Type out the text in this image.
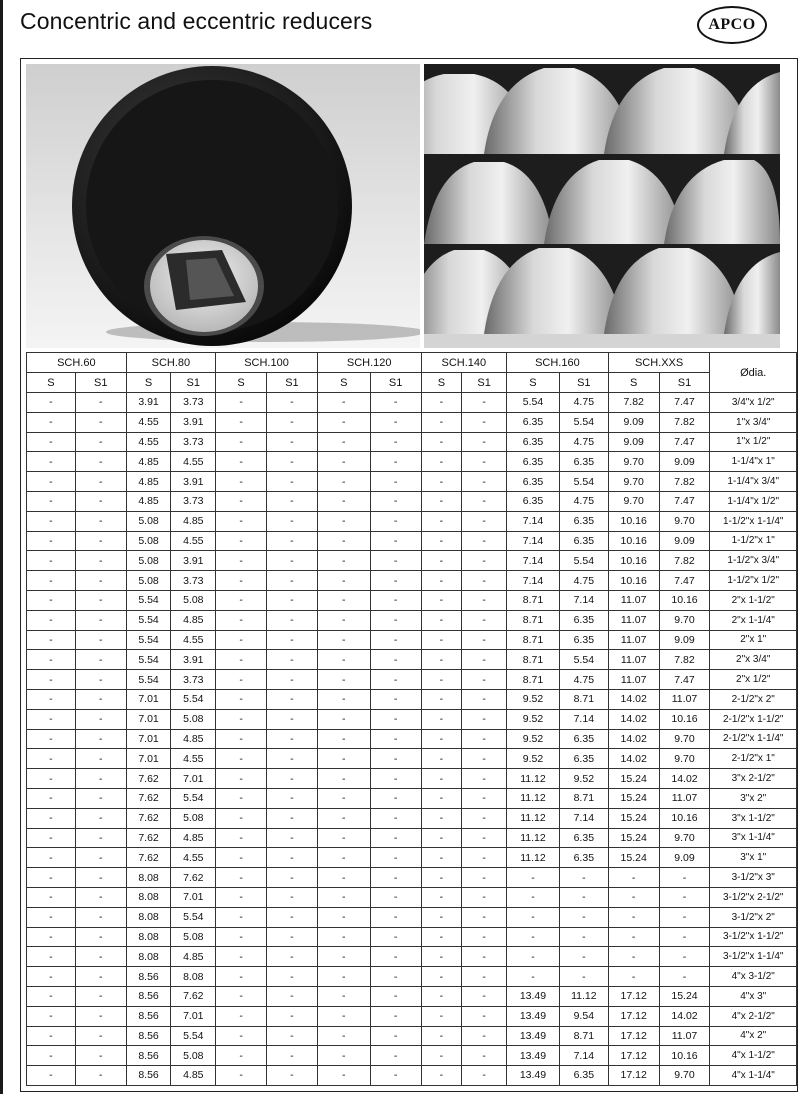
Concentric and eccentric reducers	APCO
SCH.60		SCH.80		SCH.100		SCH.120		SCH.140		SCH.160		SCH.XXS		Ødia.
S	S1	S	S1	S	S1	S	S1	S	S1	S	S1	S	S1	
-	-	3.91	3.73	-	-	-	-	-	-	5.54	4.75	7.82	7.47	3/4"x 1/2"
-	-	4.55	3.91	-	-	-	-	-	-	6.35	5.54	9.09	7.82	1"x 3/4"
-	-	4.55	3.73	-	-	-	-	-	-	6.35	4.75	9.09	7.47	1"x 1/2"
-	-	4.85	4.55	-	-	-	-	-	-	6.35	6.35	9.70	9.09	1-1/4"x 1"
-	-	4.85	3.91	-	-	-	-	-	-	6.35	5.54	9.70	7.82	1-1/4"x 3/4"
-	-	4.85	3.73	-	-	-	-	-	-	6.35	4.75	9.70	7.47	1-1/4"x 1/2"
-	-	5.08	4.85	-	-	-	-	-	-	7.14	6.35	10.16	9.70	1-1/2"x 1-1/4"
-	-	5.08	4.55	-	-	-	-	-	-	7.14	6.35	10.16	9.09	1-1/2"x 1"
-	-	5.08	3.91	-	-	-	-	-	-	7.14	5.54	10.16	7.82	1-1/2"x 3/4"
-	-	5.08	3.73	-	-	-	-	-	-	7.14	4.75	10.16	7.47	1-1/2"x 1/2"
-	-	5.54	5.08	-	-	-	-	-	-	8.71	7.14	11.07	10.16	2"x 1-1/2"
-	-	5.54	4.85	-	-	-	-	-	-	8.71	6.35	11.07	9.70	2"x 1-1/4"
-	-	5.54	4.55	-	-	-	-	-	-	8.71	6.35	11.07	9.09	2"x 1"
-	-	5.54	3.91	-	-	-	-	-	-	8.71	5.54	11.07	7.82	2"x 3/4"
-	-	5.54	3.73	-	-	-	-	-	-	8.71	4.75	11.07	7.47	2"x 1/2"
-	-	7.01	5.54	-	-	-	-	-	-	9.52	8.71	14.02	11.07	2-1/2"x 2"
-	-	7.01	5.08	-	-	-	-	-	-	9.52	7.14	14.02	10.16	2-1/2"x 1-1/2"
-	-	7.01	4.85	-	-	-	-	-	-	9.52	6.35	14.02	9.70	2-1/2"x 1-1/4"
-	-	7.01	4.55	-	-	-	-	-	-	9.52	6.35	14.02	9.70	2-1/2"x 1"
-	-	7.62	7.01	-	-	-	-	-	-	11.12	9.52	15.24	14.02	3"x 2-1/2"
-	-	7.62	5.54	-	-	-	-	-	-	11.12	8.71	15.24	11.07	3"x 2"
-	-	7.62	5.08	-	-	-	-	-	-	11.12	7.14	15.24	10.16	3"x 1-1/2"
-	-	7.62	4.85	-	-	-	-	-	-	11.12	6.35	15.24	9.70	3"x 1-1/4"
-	-	7.62	4.55	-	-	-	-	-	-	11.12	6.35	15.24	9.09	3"x 1"
-	-	8.08	7.62	-	-	-	-	-	-	-	-	-	-	3-1/2"x 3"
-	-	8.08	7.01	-	-	-	-	-	-	-	-	-	-	3-1/2"x 2-1/2"
-	-	8.08	5.54	-	-	-	-	-	-	-	-	-	-	3-1/2"x 2"
-	-	8.08	5.08	-	-	-	-	-	-	-	-	-	-	3-1/2"x 1-1/2"
-	-	8.08	4.85	-	-	-	-	-	-	-	-	-	-	3-1/2"x 1-1/4"
-	-	8.56	8.08	-	-	-	-	-	-	-	-	-	-	4"x 3-1/2"
-	-	8.56	7.62	-	-	-	-	-	-	13.49	11.12	17.12	15.24	4"x 3"
-	-	8.56	7.01	-	-	-	-	-	-	13.49	9.54	17.12	14.02	4"x 2-1/2"
-	-	8.56	5.54	-	-	-	-	-	-	13.49	8.71	17.12	11.07	4"x 2"
-	-	8.56	5.08	-	-	-	-	-	-	13.49	7.14	17.12	10.16	4"x 1-1/2"
-	-	8.56	4.85	-	-	-	-	-	-	13.49	6.35	17.12	9.70	4"x 1-1/4"
